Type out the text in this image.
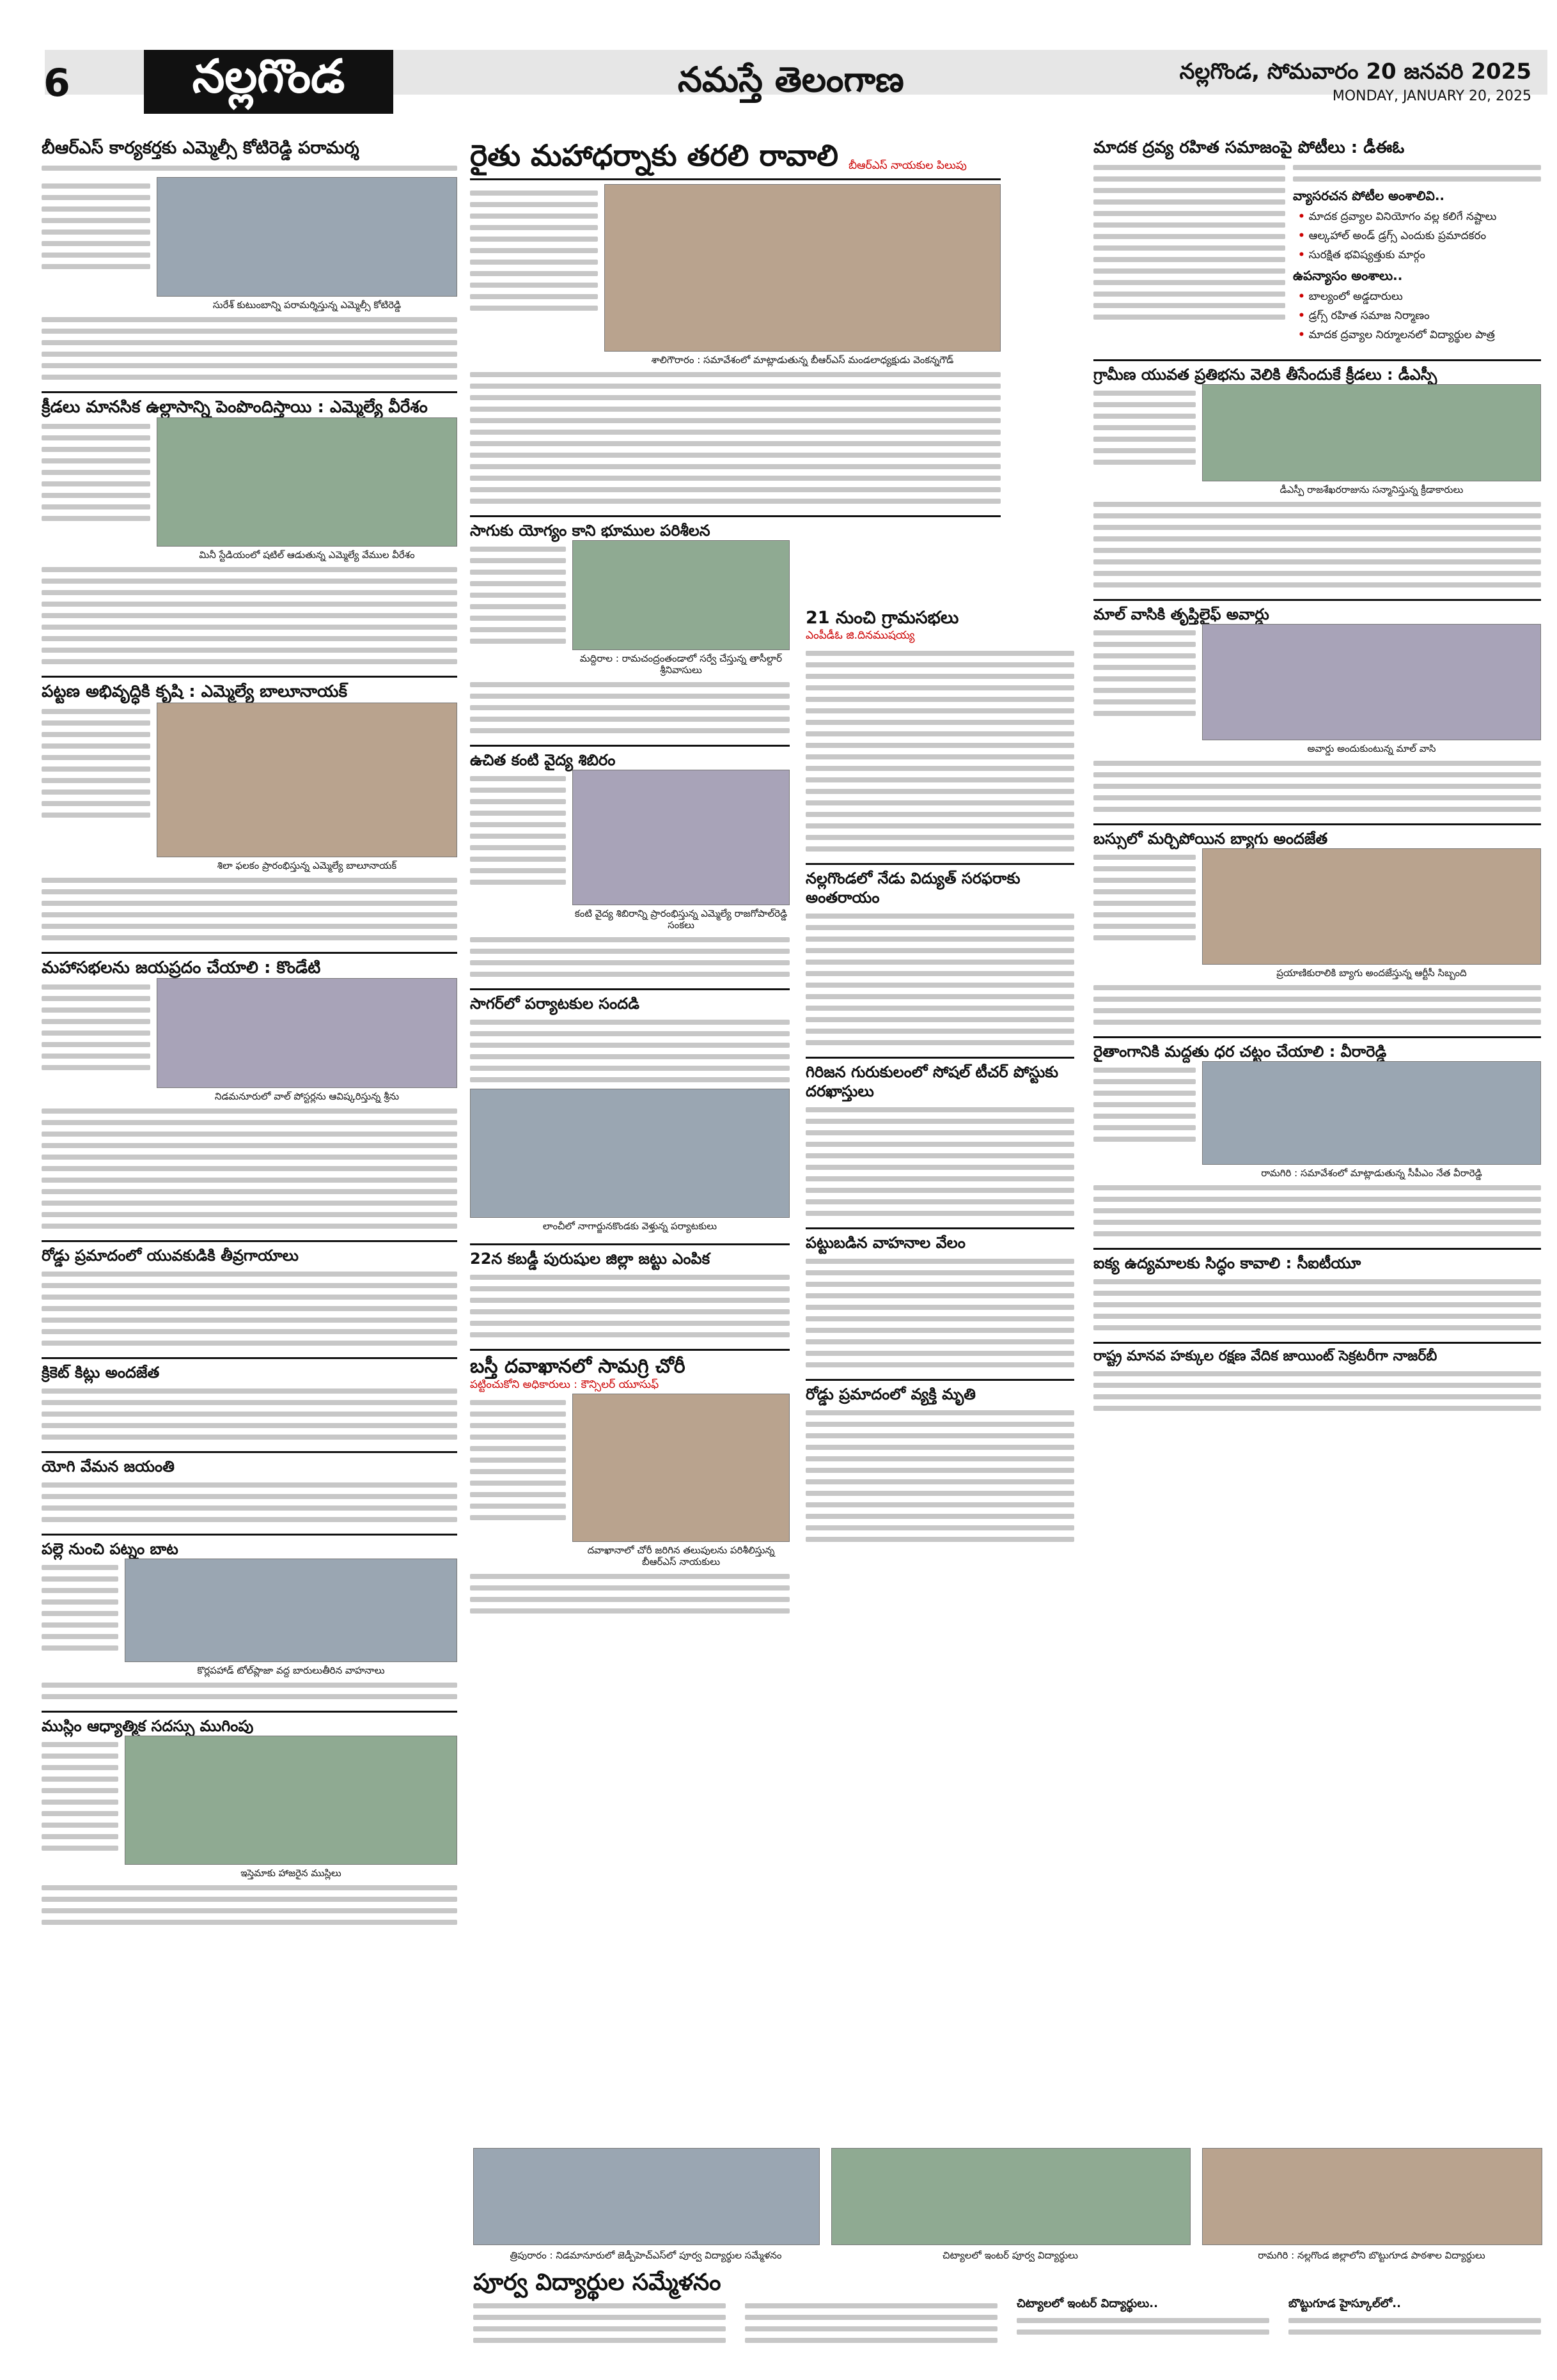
6	నల్లగొండ	నమస్తే తెలంగాణ	నల్లగొండ, సోమవారం 20 జనవరి 2025
MONDAY, JANUARY 20, 2025
బీఆర్‌ఎస్ కార్యకర్తకు ఎమ్మెల్సీ కోటిరెడ్డి పరామర్శ
సురేశ్ కుటుంబాన్ని పరామర్శిస్తున్న ఎమ్మెల్సీ కోటిరెడ్డి
క్రీడలు మానసిక ఉల్లాసాన్ని పెంపొందిస్తాయి : ఎమ్మెల్యే వీరేశం
మినీ స్టేడియంలో షటిల్ ఆడుతున్న ఎమ్మెల్యే వేముల వీరేశం
పట్టణ అభివృద్ధికి కృషి : ఎమ్మెల్యే బాలూనాయక్
శిలా ఫలకం ప్రారంభిస్తున్న ఎమ్మెల్యే బాలూనాయక్
మహాసభలను జయప్రదం చేయాలి : కొండేటి
నిడమనూరులో వాల్ పోస్టర్లను ఆవిష్కరిస్తున్న శ్రీను
రోడ్డు ప్రమాదంలో యువకుడికి తీవ్రగాయాలు
క్రికెట్ కిట్లు అందజేత
యోగి వేమన జయంతి
పల్లె నుంచి పట్నం బాట
కొర్లపహాడ్ టోల్‌ప్లాజా వద్ద బారులుతీరిన వాహనాలు
ముస్లిం ఆధ్యాత్మిక సదస్సు ముగింపు
ఇస్తెమాకు హాజరైన ముస్లిలు
రైతు మహాధర్నాకు తరలి రావాలి బీఆర్‌ఎస్ నాయకుల పిలుపు
శాలిగౌరారం : సమావేశంలో మాట్లాడుతున్న బీఆర్‌ఎస్ మండలాధ్యక్షుడు వెంకన్నగౌడ్
సాగుకు యోగ్యం కాని భూముల పరిశీలన
మద్దిరాల : రామచంద్రంతండాలో సర్వే చేస్తున్న తాసీల్దార్ శ్రీనివాసులు
ఉచిత కంటి వైద్య శిబిరం
కంటి వైద్య శిబిరాన్ని ప్రారంభిస్తున్న ఎమ్మెల్యే రాజగోపాల్‌రెడ్డి సంకలు
సాగర్‌లో పర్యాటకుల సందడి
లాంచీలో నాగార్జునకొండకు వెళ్తున్న పర్యాటకులు
22న కబడ్డీ పురుషుల జిల్లా జట్టు ఎంపిక
బస్తీ దవాఖానలో సామగ్రి చోరీ
పట్టించుకోని అధికారులు : కౌన్సిలర్ యూసుఫ్
దవాఖానాలో చోరీ జరిగిన తలుపులను పరిశీలిస్తున్న బీఆర్‌ఎస్ నాయకులు
21 నుంచి గ్రామసభలు
ఎంపీడీఓ జి.దినముషయ్య
నల్లగొండలో నేడు విద్యుత్ సరఫరాకు అంతరాయం
గిరిజన గురుకులంలో సోషల్ టీచర్ పోస్టుకు దరఖాస్తులు
పట్టుబడిన వాహనాల వేలం
రోడ్డు ప్రమాదంలో వ్యక్తి మృతి
మాదక ద్రవ్య రహిత సమాజంపై పోటీలు : డీఈఓ
వ్యాసరచన పోటీల అంశాలివి..
• మాదక ద్రవ్యాల వినియోగం వల్ల కలిగే నష్టాలు
• ఆల్కహాల్ అండ్ డ్రగ్స్ ఎందుకు ప్రమాదకరం
• సురక్షిత భవిష్యత్తుకు మార్గం
ఉపన్యాసం అంశాలు..
• బాల్యంలో అడ్డదారులు
• డ్రగ్స్ రహిత సమాజ నిర్మాణం
• మాదక ద్రవ్యాల నిర్మూలనలో విద్యార్థుల పాత్ర
గ్రామీణ యువత ప్రతిభను వెలికి తీసేందుకే క్రీడలు : డీఎస్పీ
డీఎస్పీ రాజశేఖరరాజును సన్మానిస్తున్న క్రీడాకారులు
మాల్ వాసికి తృప్తిలైఫ్ అవార్డు
అవార్డు అందుకుంటున్న మాల్ వాసి
బస్సులో మర్చిపోయిన బ్యాగు అందజేత
ప్రయాణికురాలికి బ్యాగు అందజేస్తున్న ఆర్టీసీ సిబ్బంది
రైతాంగానికి మద్దతు ధర చట్టం చేయాలి : వీరారెడ్డి
రామగిరి : సమావేశంలో మాట్లాడుతున్న సీపీఎం నేత వీరారెడ్డి
ఐక్య ఉద్యమాలకు సిద్ధం కావాలి : సీఐటీయూ
రాష్ట్ర మానవ హక్కుల రక్షణ వేదిక జాయింట్ సెక్రటరీగా నాజర్‌బీ
త్రిపురారం : నిడమానూరులో జెడ్పీహెచ్‌ఎస్‌లో పూర్వ విద్యార్థుల సమ్మేళనం	చిట్యాలలో ఇంటర్ పూర్వ విద్యార్థులు	రామగిరి : నల్లగొండ జిల్లాలోని బొట్టుగూడ పాఠశాల విద్యార్థులు
పూర్వ విద్యార్థుల సమ్మేళనం
చిట్యాలలో ఇంటర్ విద్యార్థులు..	బొట్టుగూడ హైస్కూల్‌లో..
